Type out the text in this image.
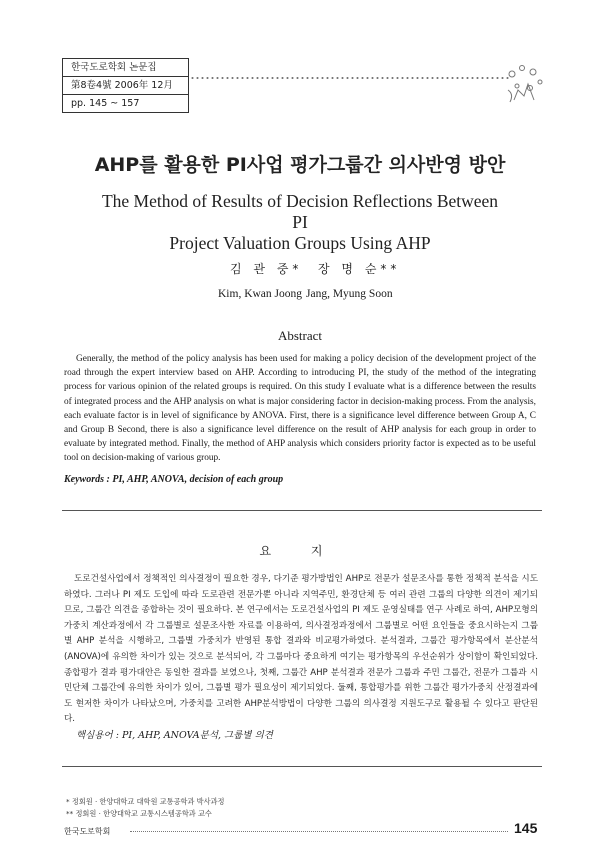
한국도로학회 논문집
第8卷4號 2006年 12月
pp. 145 ~ 157
AHP를 활용한 PI사업 평가그룹간 의사반영 방안
The Method of Results of Decision Reflections Between PI
Project Valuation Groups Using AHP
김 관 중* 장 명 순**
Kim, Kwan Joong Jang, Myung Soon
Abstract
Generally, the method of the policy analysis has been used for making a policy decision of the development project of the road through the expert interview based on AHP. According to introducing PI, the study of the method of the integrating process for various opinion of the related groups is required. On this study I evaluate what is a difference between the results of integrated process and the AHP analysis on what is major considering factor in decision-making process. From the analysis, each evaluate factor is in level of significance by ANOVA. First, there is a significance level difference between Group A, C and Group B Second, there is also a significance level difference on the result of AHP analysis for each group in order to evaluate by integrated method. Finally, the method of AHP analysis which considers priority factor is expected as to be useful tool on decision-making of various group.
Keywords : PI, AHP, ANOVA, decision of each group
요 지
도로건설사업에서 정책적인 의사결정이 필요한 경우, 다기준 평가방법인 AHP로 전문가 설문조사를 통한 정책적 분석을 시도하였다. 그러나 PI 제도 도입에 따라 도로관련 전문가뿐 아니라 지역주민, 환경단체 등 여러 관련 그룹의 다양한 의견이 제기되므로, 그룹간 의견을 종합하는 것이 필요하다. 본 연구에서는 도로건설사업의 PI 제도 운영실태를 연구 사례로 하여, AHP모형의 가중치 계산과정에서 각 그룹별로 설문조사한 자료를 이용하여, 의사결정과정에서 그룹별로 어떤 요인들을 중요시하는지 그룹별 AHP 분석을 시행하고, 그룹별 가중치가 반영된 통합 결과와 비교평가하였다. 분석결과, 그룹간 평가항목에서 분산분석(ANOVA)에 유의한 차이가 있는 것으로 분석되어, 각 그룹마다 중요하게 여기는 평가항목의 우선순위가 상이함이 확인되었다. 종합평가 결과 평가대안은 동일한 결과를 보였으나, 첫째, 그룹간 AHP 분석결과 전문가 그룹과 주민 그룹간, 전문가 그룹과 시민단체 그룹간에 유의한 차이가 있어, 그룹별 평가 필요성이 제기되었다. 둘째, 통합평가를 위한 그룹간 평가가중치 산정결과에도 현저한 차이가 나타났으며, 가중치를 고려한 AHP분석방법이 다양한 그룹의 의사결정 지원도구로 활용될 수 있다고 판단된다.
핵심용어 : PI, AHP, ANOVA분석, 그룹별 의견
* 정회원 · 한양대학교 대학원 교통공학과 박사과정
** 정회원 · 한양대학교 교통시스템공학과 교수
한국도로학회	145
